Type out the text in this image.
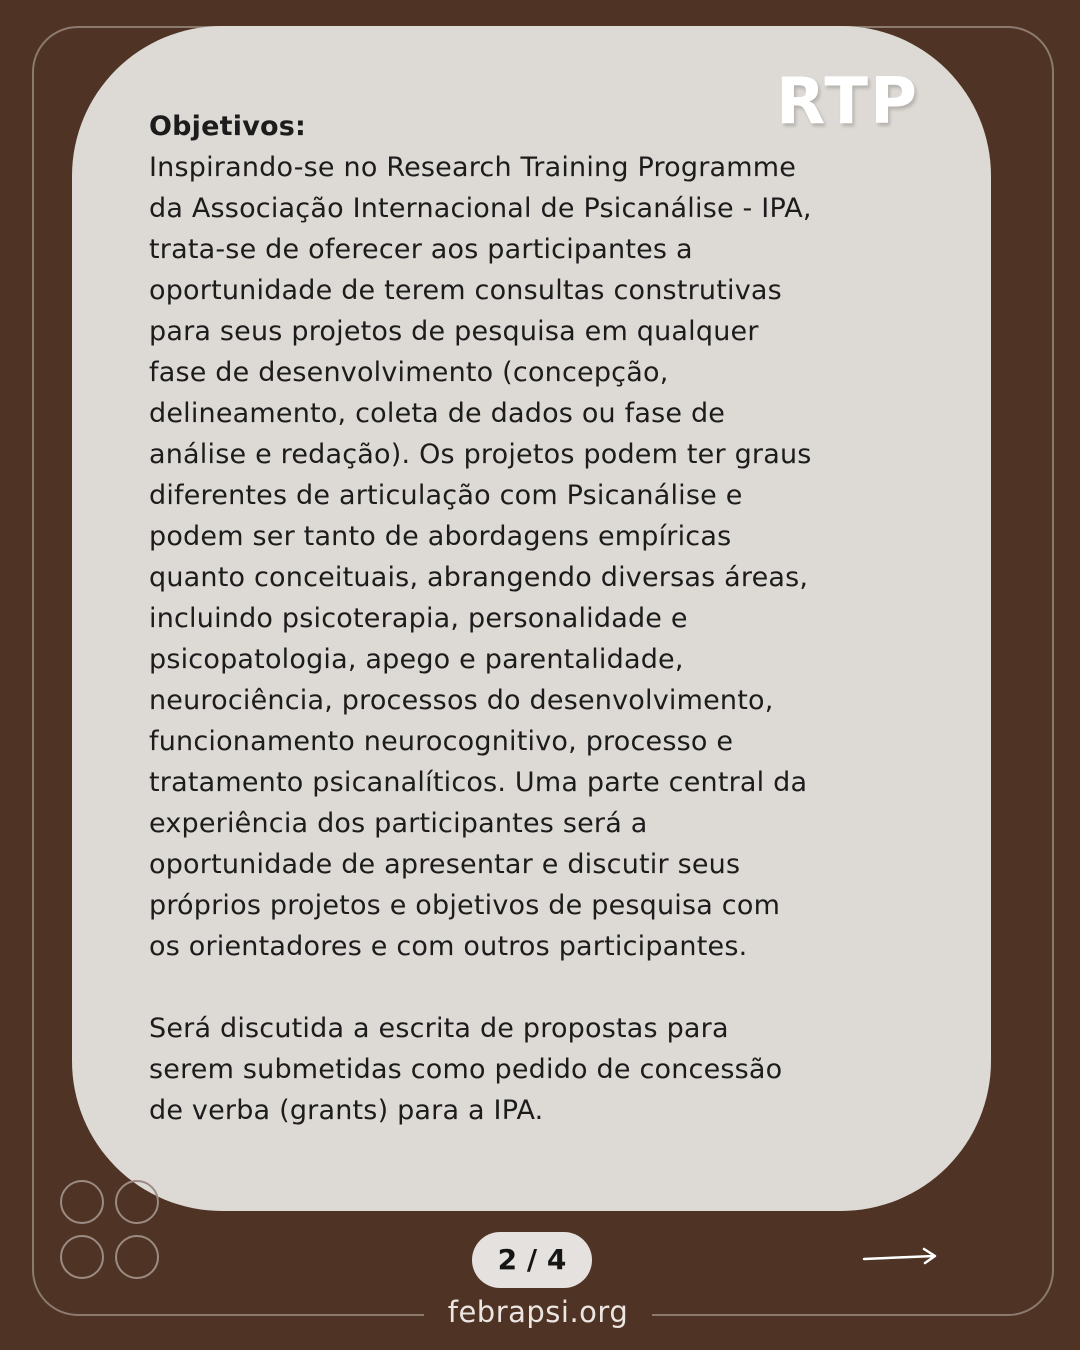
RTP
Objetivos:

Inspirando-se no Research Training Programme
da Associação Internacional de Psicanálise - IPA,
trata-se de oferecer aos participantes a
oportunidade de terem consultas construtivas
para seus projetos de pesquisa em qualquer
fase de desenvolvimento (concepção,
delineamento, coleta de dados ou fase de
análise e redação). Os projetos podem ter graus
diferentes de articulação com Psicanálise e
podem ser tanto de abordagens empíricas
quanto conceituais, abrangendo diversas áreas,
incluindo psicoterapia, personalidade e
psicopatologia, apego e parentalidade,
neurociência, processos do desenvolvimento,
funcionamento neurocognitivo, processo e
tratamento psicanalíticos. Uma parte central da
experiência dos participantes será a
oportunidade de apresentar e discutir seus
próprios projetos e objetivos de pesquisa com
os orientadores e com outros participantes.

Será discutida a escrita de propostas para
serem submetidas como pedido de concessão
de verba (grants) para a IPA.

2 / 4
febrapsi.org
